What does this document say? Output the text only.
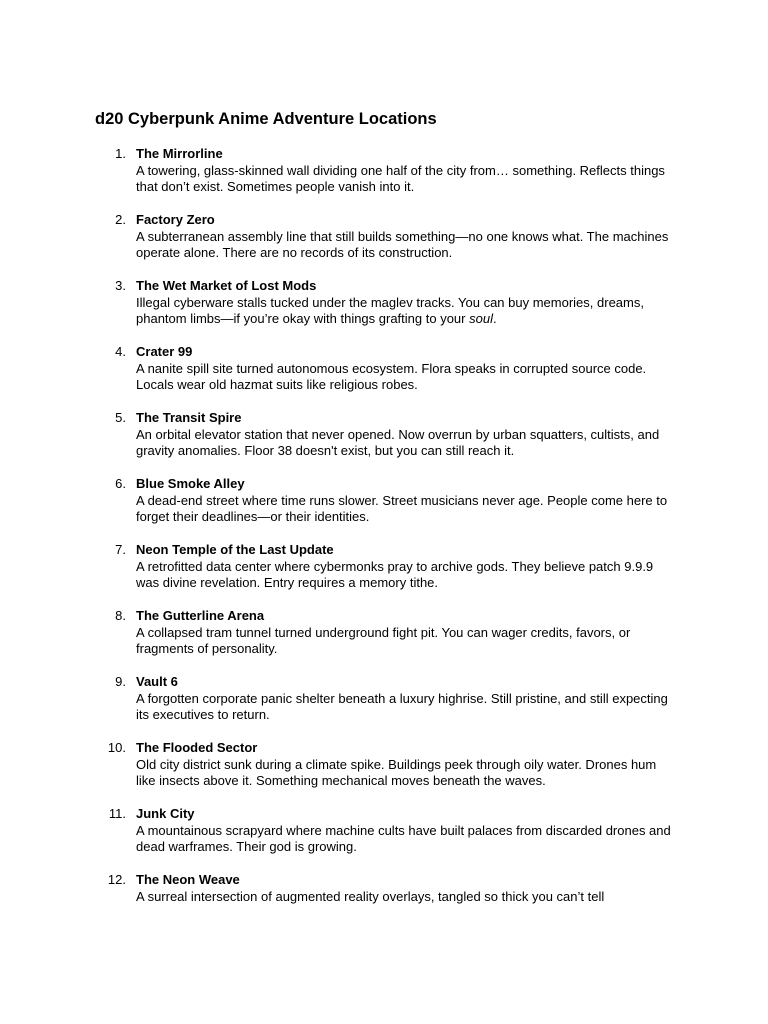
d20 Cyberpunk Anime Adventure Locations
1. The Mirrorline
A towering, glass-skinned wall dividing one half of the city from… something. Reflects things that don’t exist. Sometimes people vanish into it.
2. Factory Zero
A subterranean assembly line that still builds something—no one knows what. The machines operate alone. There are no records of its construction.
3. The Wet Market of Lost Mods
Illegal cyberware stalls tucked under the maglev tracks. You can buy memories, dreams, phantom limbs—if you’re okay with things grafting to your soul.
4. Crater 99
A nanite spill site turned autonomous ecosystem. Flora speaks in corrupted source code. Locals wear old hazmat suits like religious robes.
5. The Transit Spire
An orbital elevator station that never opened. Now overrun by urban squatters, cultists, and gravity anomalies. Floor 38 doesn't exist, but you can still reach it.
6. Blue Smoke Alley
A dead-end street where time runs slower. Street musicians never age. People come here to forget their deadlines—or their identities.
7. Neon Temple of the Last Update
A retrofitted data center where cybermonks pray to archive gods. They believe patch 9.9.9 was divine revelation. Entry requires a memory tithe.
8. The Gutterline Arena
A collapsed tram tunnel turned underground fight pit. You can wager credits, favors, or fragments of personality.
9. Vault 6
A forgotten corporate panic shelter beneath a luxury highrise. Still pristine, and still expecting its executives to return.
10. The Flooded Sector
Old city district sunk during a climate spike. Buildings peek through oily water. Drones hum like insects above it. Something mechanical moves beneath the waves.
11. Junk City
A mountainous scrapyard where machine cults have built palaces from discarded drones and dead warframes. Their god is growing.
12. The Neon Weave
A surreal intersection of augmented reality overlays, tangled so thick you can’t tell
